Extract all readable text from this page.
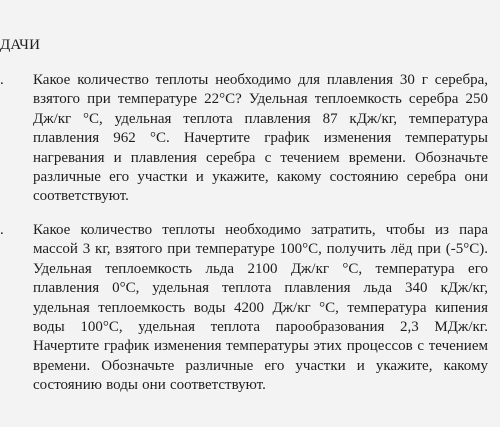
ДАЧИ
. Какое количество теплоты необходимо для плавления 30 г серебра, взятого при температуре 22°С? Удельная теплоемкость серебра 250 Дж/кг °С, удельная теплота плавления 87 кДж/кг, температура плавления 962 °С. Начертите график изменения температуры нагревания и плавления серебра с течением времени. Обозначьте различные его участки и укажите, какому состоянию серебра они соответствуют.
. Какое количество теплоты необходимо затратить, чтобы из пара массой 3 кг, взятого при температуре 100°С, получить лёд при (-5°С). Удельная теплоемкость льда 2100 Дж/кг °С, температура его плавления 0°С, удельная теплота плавления льда 340 кДж/кг, удельная теплоемкость воды 4200 Дж/кг °С, температура кипения воды 100°С, удельная теплота парообразования 2,3 МДж/кг. Начертите график изменения температуры этих процессов с течением времени. Обозначьте различные его участки и укажите, какому состоянию воды они соответствуют.
